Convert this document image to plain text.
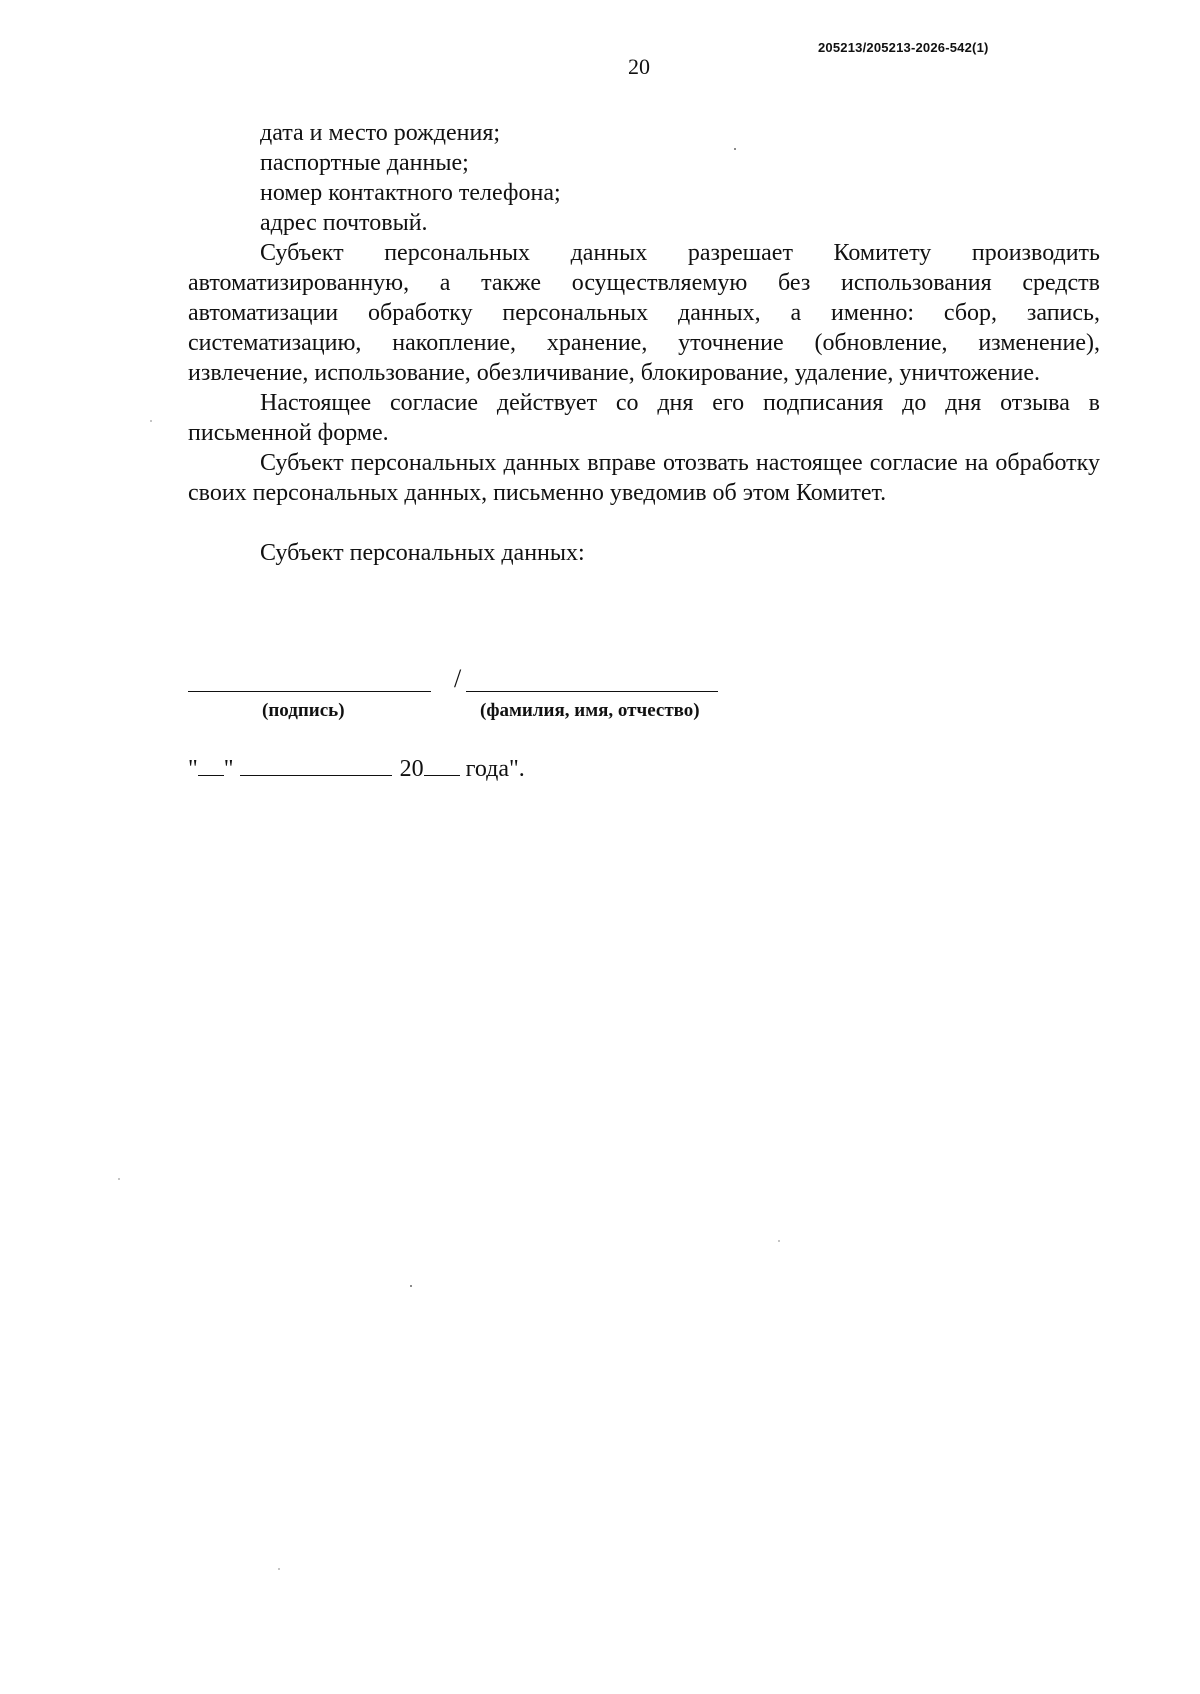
205213/205213-2026-542(1)
20

дата и место рождения;

паспортные данные;

номер контактного телефона;

адрес почтовый.

Субъект персональных данных разрешает Комитету производить автоматизированную, а также осуществляемую без использования средств автоматизации обработку персональных данных, а именно: сбор, запись, систематизацию, накопление, хранение, уточнение (обновление, изменение), извлечение, использование, обезличивание, блокирование, удаление, уничтожение.

Настоящее согласие действует со дня его подписания до дня отзыва в письменной форме.

Субъект персональных данных вправе отозвать настоящее согласие на обработку своих персональных данных, письменно уведомив об этом Комитет.

Субъект персональных данных:

/
(подпись)	(фамилия, имя, отчество)
" "	20 года".
